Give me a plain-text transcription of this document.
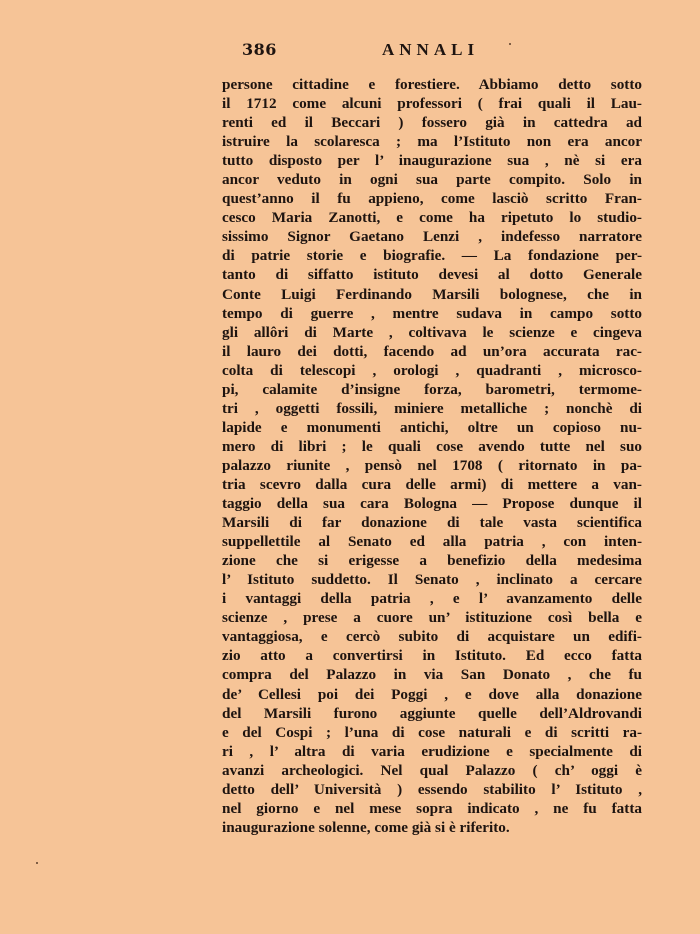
386	ANNALI
persone cittadine e forestiere. Abbiamo detto sotto
il 1712 come alcuni professori ( frai quali il Lau-
renti ed il Beccari ) fossero già in cattedra ad
istruire la scolaresca ; ma l’Istituto non era ancor
tutto disposto per l’ inaugurazione sua , nè si era
ancor veduto in ogni sua parte compito. Solo in
quest’anno il fu appieno, come lasciò scritto Fran-
cesco Maria Zanotti, e come ha ripetuto lo studio-
sissimo Signor Gaetano Lenzi , indefesso narratore
di patrie storie e biografie. — La fondazione per-
tanto di siffatto istituto devesi al dotto Generale
Conte Luigi Ferdinando Marsili bolognese, che in
tempo di guerre , mentre sudava in campo sotto
gli allôri di Marte , coltivava le scienze e cingeva
il lauro dei dotti, facendo ad un’ora accurata rac-
colta di telescopi , orologi , quadranti , microsco-
pi, calamite d’insigne forza, barometri, termome-
tri , oggetti fossili, miniere metalliche ; nonchè di
lapide e monumenti antichi, oltre un copioso nu-
mero di libri ; le quali cose avendo tutte nel suo
palazzo riunite , pensò nel 1708 ( ritornato in pa-
tria scevro dalla cura delle armi) di mettere a van-
taggio della sua cara Bologna — Propose dunque il
Marsili di far donazione di tale vasta scientifica
suppellettile al Senato ed alla patria , con inten-
zione che si erigesse a benefizio della medesima
l’ Istituto suddetto. Il Senato , inclinato a cercare
i vantaggi della patria , e l’ avanzamento delle
scienze , prese a cuore un’ istituzione così bella e
vantaggiosa, e cercò subito di acquistare un edifi-
zio atto a convertirsi in Istituto. Ed ecco fatta
compra del Palazzo in via San Donato , che fu
de’ Cellesi poi dei Poggi , e dove alla donazione
del Marsili furono aggiunte quelle dell’Aldrovandi
e del Cospi ; l’una di cose naturali e di scritti ra-
ri , l’ altra di varia erudizione e specialmente di
avanzi archeologici. Nel qual Palazzo ( ch’ oggi è
detto dell’ Università ) essendo stabilito l’ Istituto ,
nel giorno e nel mese sopra indicato , ne fu fatta
inaugurazione solenne, come già si è riferito.
